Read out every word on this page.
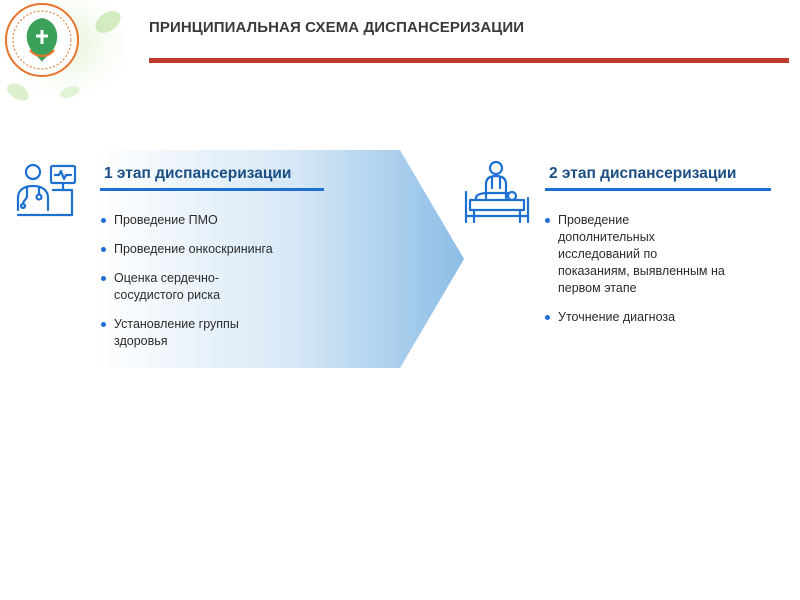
ПРИНЦИПИАЛЬНАЯ СХЕМА ДИСПАНСЕРИЗАЦИИ
1 этап диспансеризации
Проведение ПМО
Проведение онкоскрининга
Оценка сердечно-сосудистого риска
Установление группы здоровья
2 этап диспансеризации
Проведение дополнительных исследований по показаниям, выявленным на первом этапе
Уточнение диагноза
